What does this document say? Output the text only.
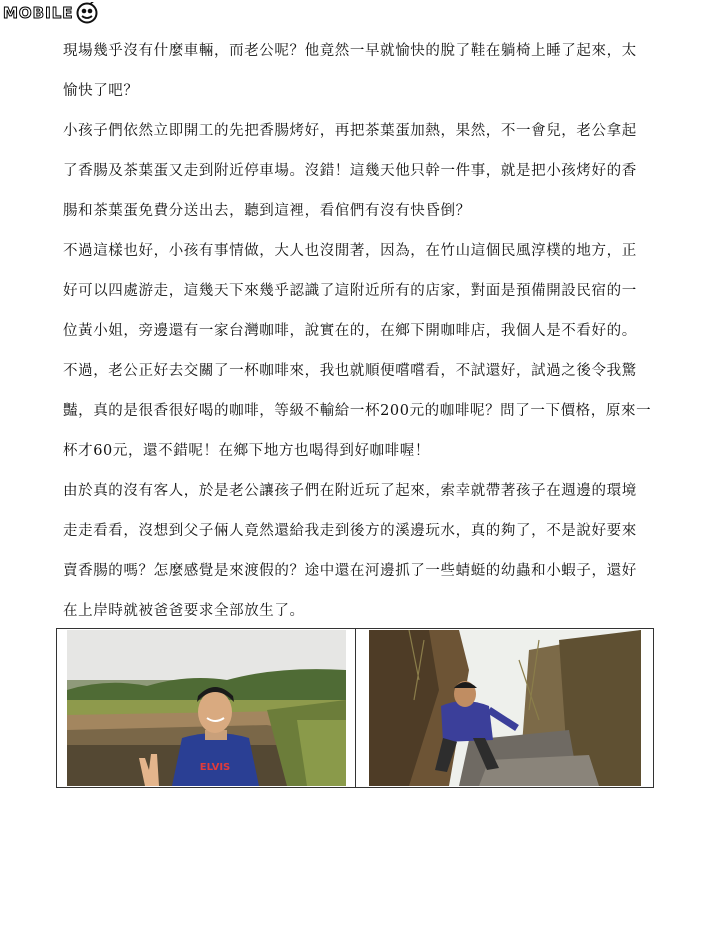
MOBILE
現場幾乎沒有什麼車輛，而老公呢？他竟然一早就愉快的脫了鞋在躺椅上睡了起來，太
愉快了吧？
小孩子們依然立即開工的先把香腸烤好，再把茶葉蛋加熱，果然，不一會兒，老公拿起
了香腸及茶葉蛋又走到附近停車場。沒錯！這幾天他只幹一件事，就是把小孩烤好的香
腸和茶葉蛋免費分送出去，聽到這裡，看倌們有沒有快昏倒？
不過這樣也好，小孩有事情做，大人也沒閒著，因為，在竹山這個民風淳樸的地方，正
好可以四處游走，這幾天下來幾乎認識了這附近所有的店家，對面是預備開設民宿的一
位黃小姐，旁邊還有一家台灣咖啡，說實在的，在鄉下開咖啡店，我個人是不看好的。
不過，老公正好去交關了一杯咖啡來，我也就順便嚐嚐看，不試還好，試過之後令我驚
豔，真的是很香很好喝的咖啡，等級不輸給一杯200元的咖啡呢？問了一下價格，原來一
杯才60元，還不錯呢！在鄉下地方也喝得到好咖啡喔！
由於真的沒有客人，於是老公讓孩子們在附近玩了起來，索幸就帶著孩子在週邊的環境
走走看看，沒想到父子倆人竟然還給我走到後方的溪邊玩水，真的夠了，不是說好要來
賣香腸的嗎？怎麼感覺是來渡假的？途中還在河邊抓了一些蜻蜓的幼蟲和小蝦子，還好
在上岸時就被爸爸要求全部放生了。
ELVIS
